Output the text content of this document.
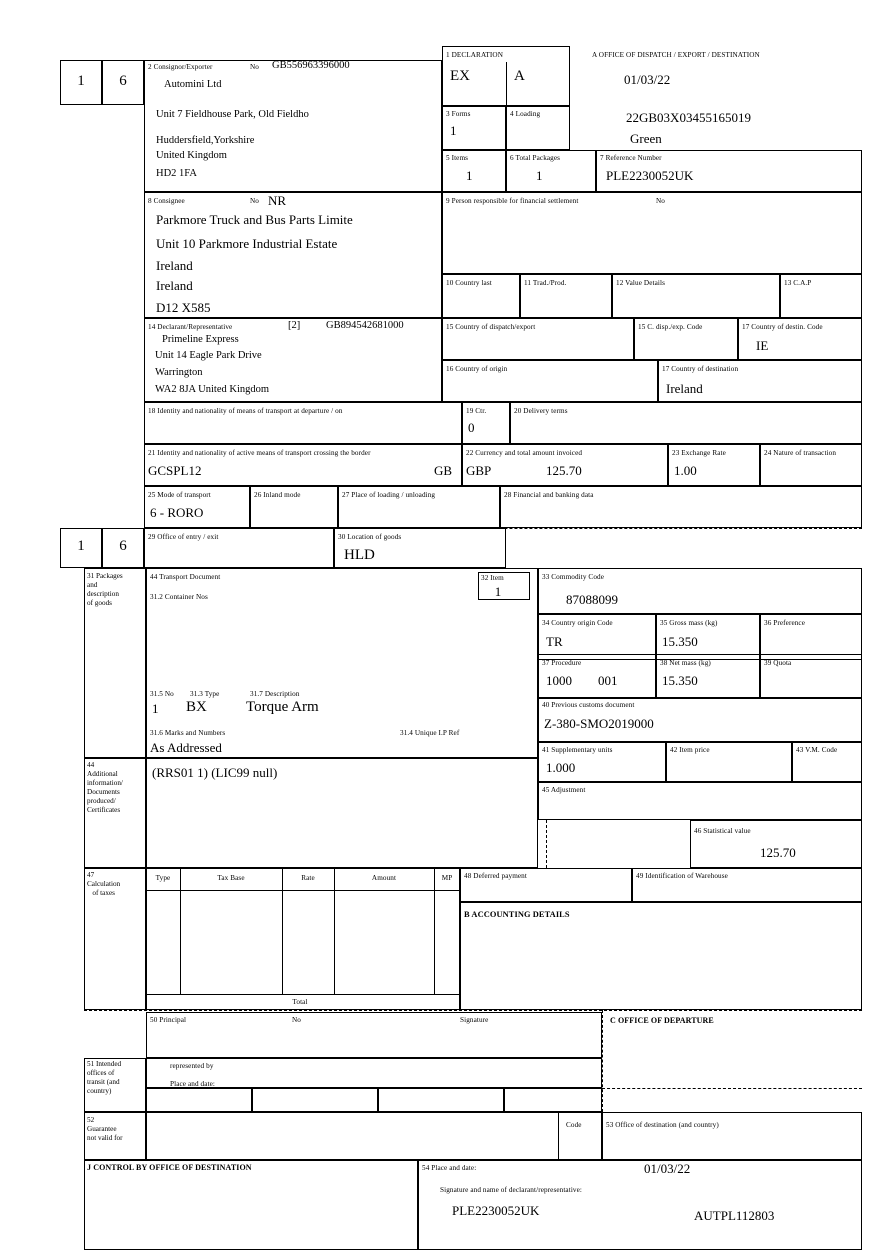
1	6
2 Consignor/Exporter	No GB556963396000
Automini Ltd
Unit 7 Fieldhouse Park, Old Fieldho
Huddersfield,Yorkshire
United Kingdom
HD2 1FA
1 DECLARATION
EX	A
A OFFICE OF DISPATCH / EXPORT / DESTINATION
01/03/22
22GB03X03455165019
Green
3 Forms
1
4 Loading
5 Items
1
6 Total Packages
1
7 Reference Number
PLE2230052UK
8 Consignee	No NR
Parkmore Truck and Bus Parts Limite
Unit 10 Parkmore Industrial Estate
Ireland
Ireland
D12 X585
9 Person responsible for financial settlement	No
10 Country last	11 Trad./Prod.	12 Value Details	13 C.A.P
14 Declarant/Representative	[2] GB894542681000
Primeline Express
Unit 14 Eagle Park Drive
Warrington
WA2 8JA United Kingdom
15 Country of dispatch/export	15 C. disp./exp. Code	17 Country of destin. Code
IE
16 Country of origin	17 Country of destination
Ireland
18 Identity and nationality of means of transport at departure / on	19 Ctr.
0
20 Delivery terms
21 Identity and nationality of active means of transport crossing the border
GCSPL12	GB
22 Currency and total amount invoiced
GBP	125.70
23 Exchange Rate
1.00
24 Nature of transaction
25 Mode of transport
6 - RORO
26 Inland mode	27 Place of loading / unloading	28 Financial and banking data
1	6
29 Office of entry / exit	30 Location of goods
HLD
31 Packages
and
description
of goods
44 Transport Document
31.2 Container Nos
31.5 No 31.3 Type	31.7 Description
1 BX	Torque Arm
31.6 Marks and Numbers	31.4 Unique I.P Ref
As Addressed
32 Item
1
33 Commodity Code
87088099
34 Country origin Code
TR
35 Gross mass (kg)
15.350
36 Preference
37 Procedure
1000 001
38 Net mass (kg)
15.350
39 Quota
40 Previous customs document
Z-380-SMO2019000
41 Supplementary units
1.000
42 Item price	43 V.M. Code
44
Additional
information/
Documents
produced/
Certificates
(RRS01 1) (LIC99 null)
45 Adjustment
46 Statistical value
125.70
47
Calculation
of taxes
Type	Tax Base	Rate	Amount	MP
Total
48 Deferred payment	49 Identification of Warehouse
B ACCOUNTING DETAILS
50 Principal	No	Signature	C OFFICE OF DEPARTURE
51 Intended
offices of
transit (and
country)
represented by
Place and date:
52
Guarantee
not valid for
Code	53 Office of destination (and country)
J CONTROL BY OFFICE OF DESTINATION	54 Place and date:	01/03/22
Signature and name of declarant/representative:
PLE2230052UK	AUTPL112803
